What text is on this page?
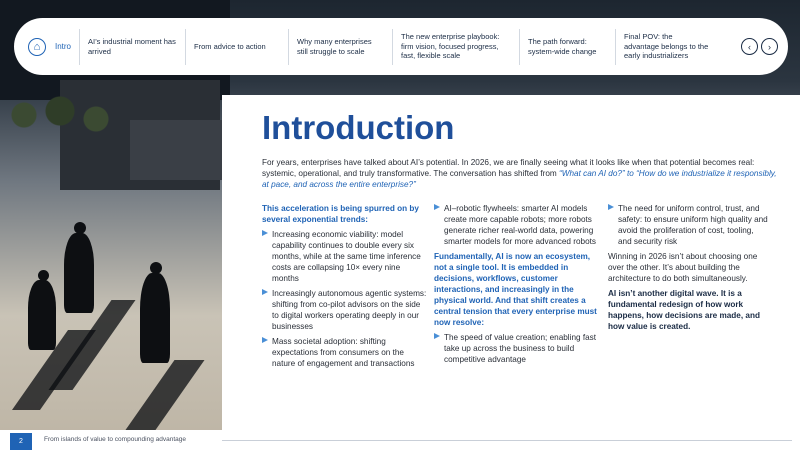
⌂	Intro
AI’s industrial moment has arrived
From advice to action
Why many enterprises still struggle to scale
The new enterprise playbook: firm vision, focused progress, fast, flexible scale
The path forward: system-wide change
Final POV: the advantage belongs to the early industrializers
‹	›
Introduction
For years, enterprises have talked about AI’s potential. In 2026, we are finally seeing what it looks like when that potential becomes real: systemic, operational, and truly transformative. The conversation has shifted from “What can AI do?” to “How do we industrialize it responsibly, at pace, and across the entire enterprise?”
This acceleration is being spurred on by several exponential trends:
Increasing economic viability: model capability continues to double every six months, while at the same time inference costs are collapsing 10× every nine months
Increasingly autonomous agentic systems: shifting from co-pilot advisors on the side to digital workers operating deeply in our businesses
Mass societal adoption: shifting expectations from consumers on the nature of engagement and transactions
AI–robotic flywheels: smarter AI models create more capable robots; more robots generate richer real-world data, powering smarter models for more advanced robots
Fundamentally, AI is now an ecosystem, not a single tool. It is embedded in decisions, workflows, customer interactions, and increasingly in the physical world. And that shift creates a central tension that every enterprise must now resolve:
The speed of value creation; enabling fast take up across the business to build competitive advantage
The need for uniform control, trust, and safety: to ensure uniform high quality and avoid the proliferation of cost, tooling, and security risk
Winning in 2026 isn’t about choosing one over the other. It’s about building the architecture to do both simultaneously.
AI isn’t another digital wave. It is a fundamental redesign of how work happens, how decisions are made, and how value is created.
2	From islands of value to compounding advantage
